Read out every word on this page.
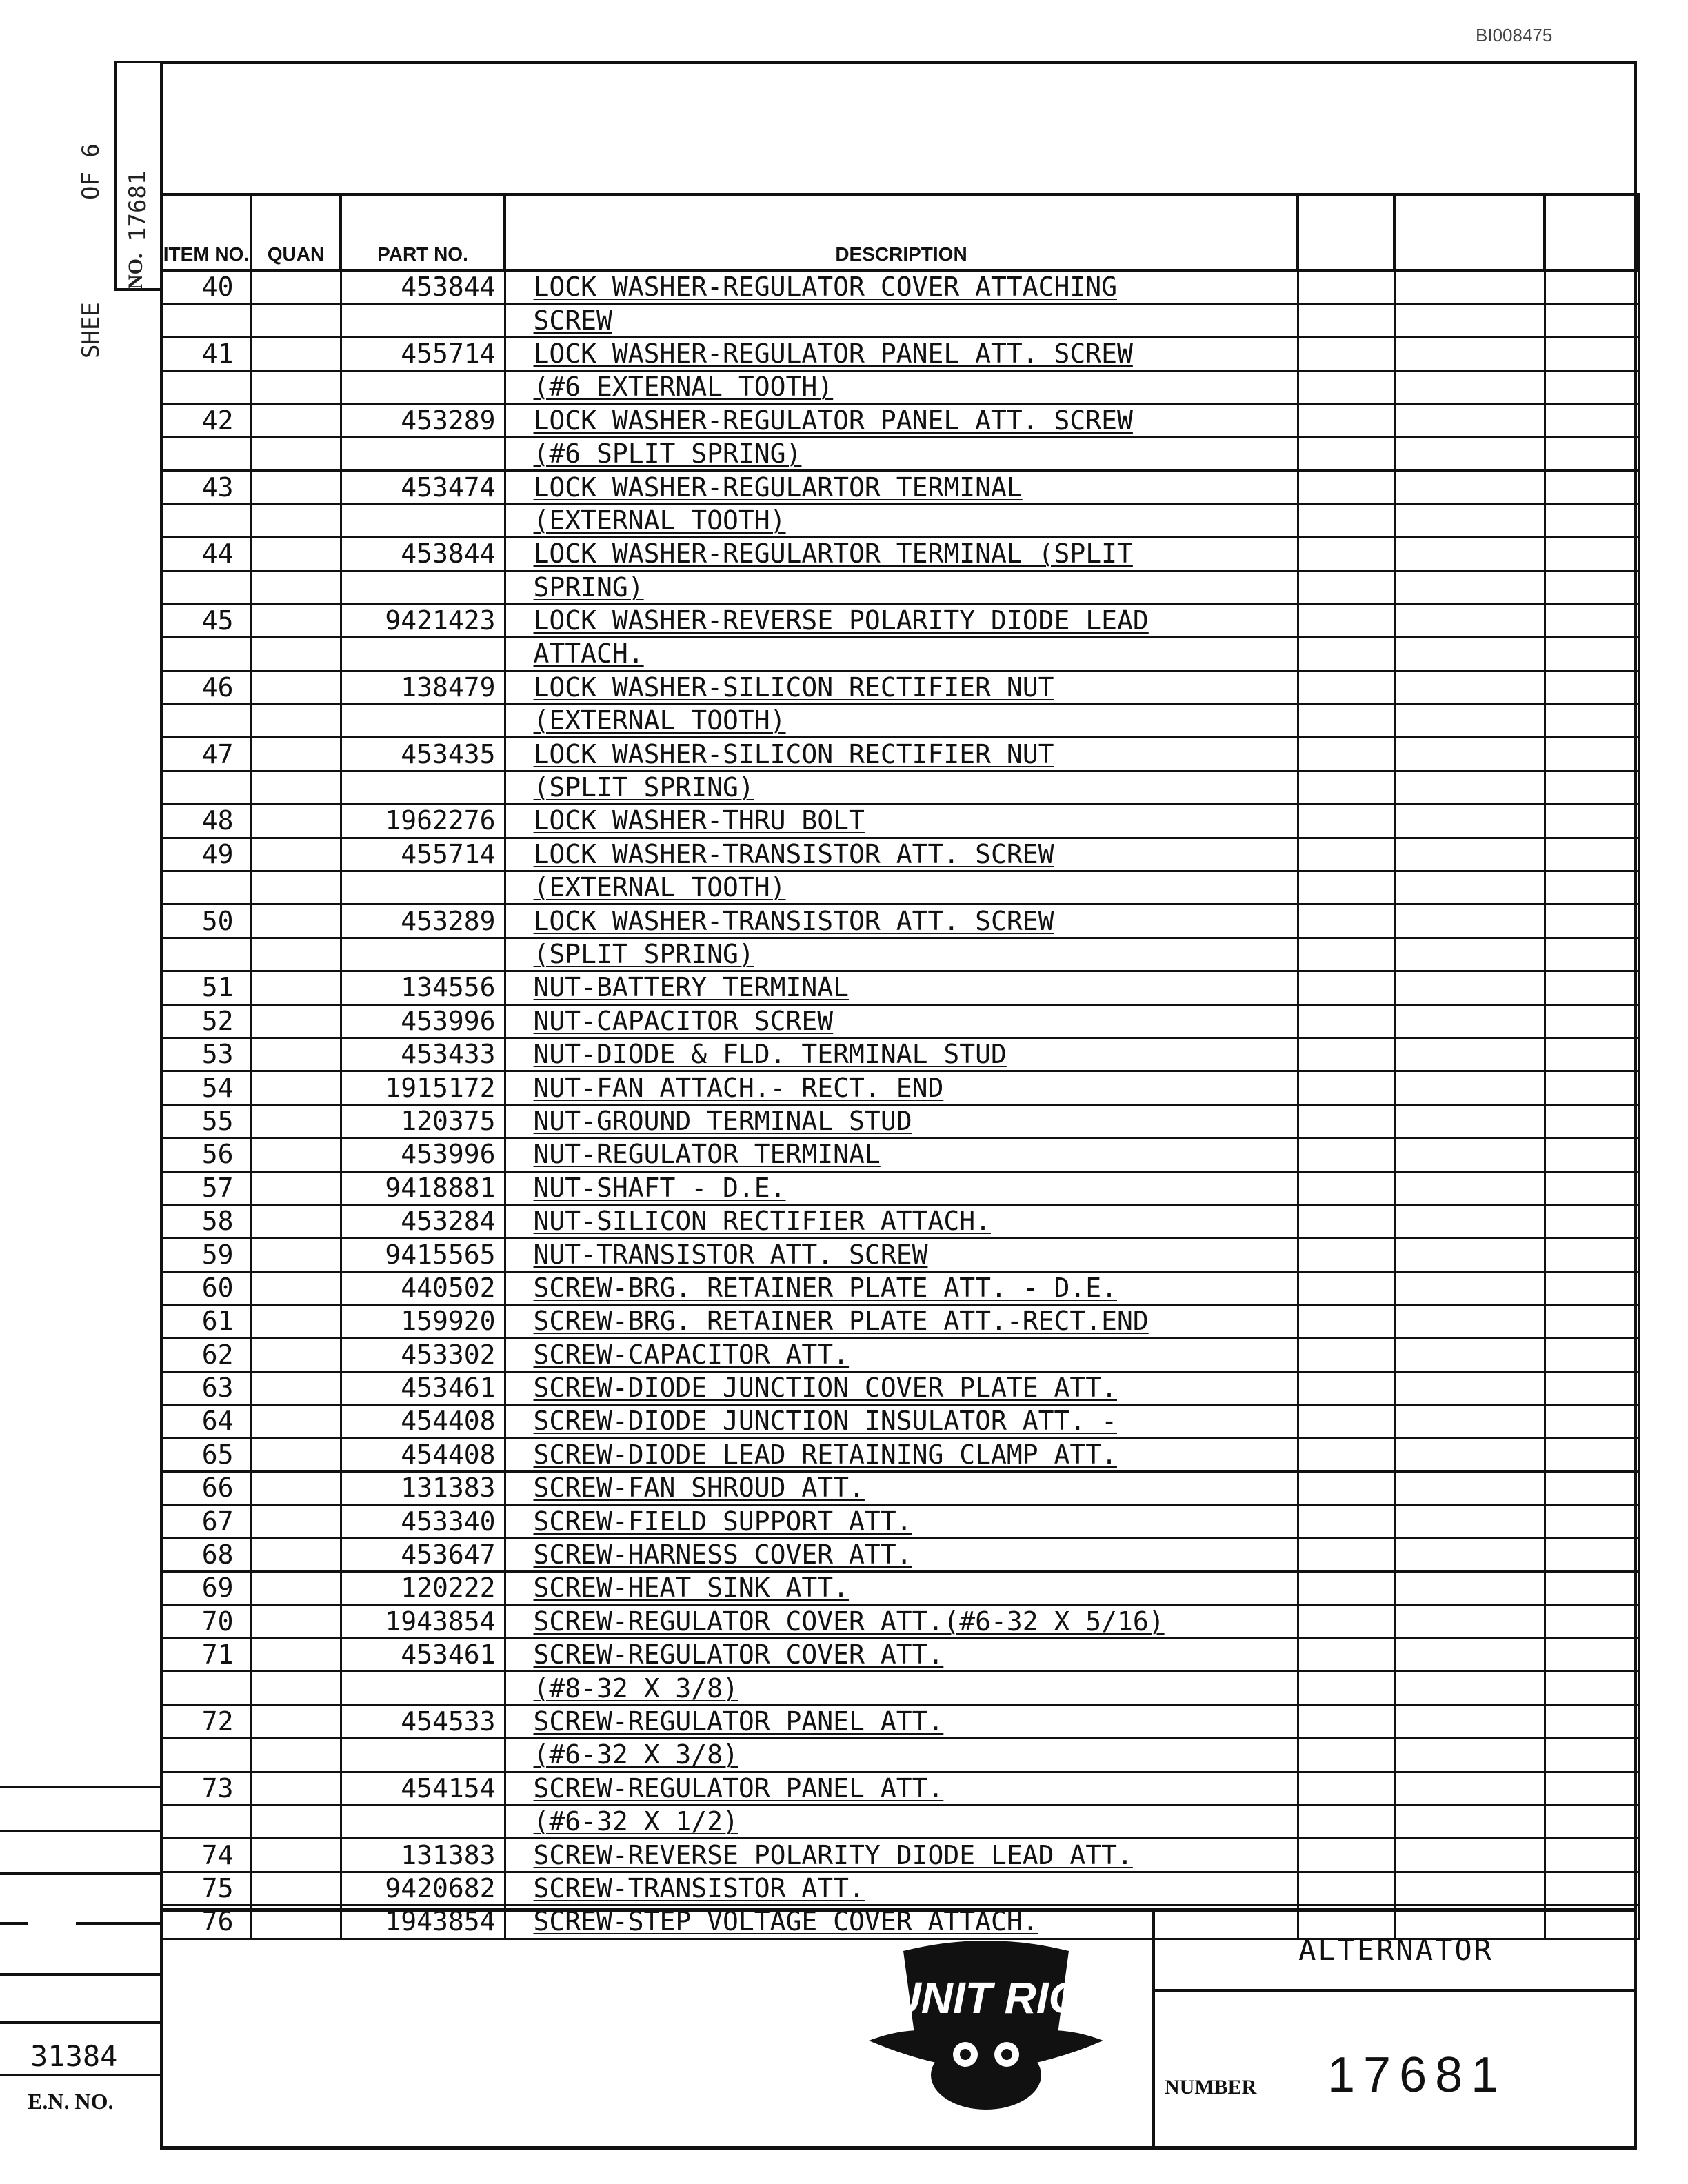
BI008475
SHEE
OF 6
NO.
17681
ITEM NO.	QUAN	PART NO.	DESCRIPTION			
40		453844	LOCK WASHER-REGULATOR COVER ATTACHING			
			SCREW			
41		455714	LOCK WASHER-REGULATOR PANEL ATT. SCREW			
			(#6 EXTERNAL TOOTH)			
42		453289	LOCK WASHER-REGULATOR PANEL ATT. SCREW			
			(#6 SPLIT SPRING)			
43		453474	LOCK WASHER-REGULARTOR TERMINAL			
			(EXTERNAL TOOTH)			
44		453844	LOCK WASHER-REGULARTOR TERMINAL (SPLIT			
			SPRING)			
45		9421423	LOCK WASHER-REVERSE POLARITY DIODE LEAD			
			ATTACH.			
46		138479	LOCK WASHER-SILICON RECTIFIER NUT			
			(EXTERNAL TOOTH)			
47		453435	LOCK WASHER-SILICON RECTIFIER NUT			
			(SPLIT SPRING)			
48		1962276	LOCK WASHER-THRU BOLT			
49		455714	LOCK WASHER-TRANSISTOR ATT. SCREW			
			(EXTERNAL TOOTH)			
50		453289	LOCK WASHER-TRANSISTOR ATT. SCREW			
			(SPLIT SPRING)			
51		134556	NUT-BATTERY TERMINAL			
52		453996	NUT-CAPACITOR SCREW			
53		453433	NUT-DIODE & FLD. TERMINAL STUD			
54		1915172	NUT-FAN ATTACH.- RECT. END			
55		120375	NUT-GROUND TERMINAL STUD			
56		453996	NUT-REGULATOR TERMINAL			
57		9418881	NUT-SHAFT - D.E.			
58		453284	NUT-SILICON RECTIFIER ATTACH.			
59		9415565	NUT-TRANSISTOR ATT. SCREW			
60		440502	SCREW-BRG. RETAINER PLATE ATT. - D.E.			
61		159920	SCREW-BRG. RETAINER PLATE ATT.-RECT.END			
62		453302	SCREW-CAPACITOR ATT.			
63		453461	SCREW-DIODE JUNCTION COVER PLATE ATT.			
64		454408	SCREW-DIODE JUNCTION INSULATOR ATT. -			
65		454408	SCREW-DIODE LEAD RETAINING CLAMP ATT.			
66		131383	SCREW-FAN SHROUD ATT.			
67		453340	SCREW-FIELD SUPPORT ATT.			
68		453647	SCREW-HARNESS COVER ATT.			
69		120222	SCREW-HEAT SINK ATT.			
70		1943854	SCREW-REGULATOR COVER ATT.(#6-32 X 5/16)			
71		453461	SCREW-REGULATOR COVER ATT.			
			(#8-32 X 3/8)			
72		454533	SCREW-REGULATOR PANEL ATT.			
			(#6-32 X 3/8)			
73		454154	SCREW-REGULATOR PANEL ATT.			
			(#6-32 X 1/2)			
74		131383	SCREW-REVERSE POLARITY DIODE LEAD ATT.			
75		9420682	SCREW-TRANSISTOR ATT.			
76		1943854	SCREW-STEP VOLTAGE COVER ATTACH.			
ALTERNATOR
NUMBER 17681
UNIT RIG
31384
E.N. NO.
